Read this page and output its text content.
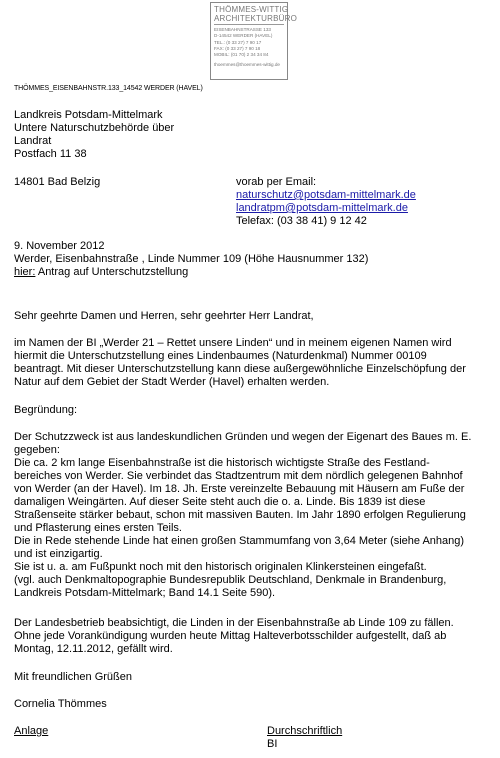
THÖMMES-WITTIG
ARCHITEKTURBÜRO
EISENBAHNSTRASSE 133
D-14542 WERDER (HAVEL)
TEL.: (0 33 27) 7 90 17
FAX: (0 33 27) 7 90 18
MOBIL: (01 70) 2 34 34 84
thoemmes@thoemmes-wittig.de
THÖMMES_EISENBAHNSTR.133_14542 WERDER (HAVEL)
Landkreis Potsdam-Mittelmark
Untere Naturschutzbehörde über
Landrat
Postfach 11 38
14801 Bad Belzig	vorab per Email:
naturschutz@potsdam-mittelmark.de
landratpm@potsdam-mittelmark.de
Telefax: (03 38 41) 9 12 42
9. November 2012
Werder, Eisenbahnstraße , Linde Nummer 109 (Höhe Hausnummer 132)
hier: Antrag auf Unterschutzstellung
Sehr geehrte Damen und Herren, sehr geehrter Herr Landrat,
im Namen der BI „Werder 21 – Rettet unsere Linden“ und in meinem eigenen Namen wird
hiermit die Unterschutzstellung eines Lindenbaumes (Naturdenkmal) Nummer 00109
beantragt. Mit dieser Unterschutzstellung kann diese außergewöhnliche Einzelschöpfung der
Natur auf dem Gebiet der Stadt Werder (Havel) erhalten werden.
Begründung:
Der Schutzzweck ist aus landeskundlichen Gründen und wegen der Eigenart des Baues m. E.
gegeben:
Die ca. 2 km lange Eisenbahnstraße ist die historisch wichtigste Straße des Festland-
bereiches von Werder. Sie verbindet das Stadtzentrum mit dem nördlich gelegenen Bahnhof
von Werder (an der Havel). Im 18. Jh. Erste vereinzelte Bebauung mit Häusern am Fuße der
damaligen Weingärten. Auf dieser Seite steht auch die o. a. Linde. Bis 1839 ist diese
Straßenseite stärker bebaut, schon mit massiven Bauten. Im Jahr 1890 erfolgen Regulierung
und Pflasterung eines ersten Teils.
Die in Rede stehende Linde hat einen großen Stammumfang von 3,64 Meter (siehe Anhang)
und ist einzigartig.
Sie ist u. a. am Fußpunkt noch mit den historisch originalen Klinkersteinen eingefaßt.
(vgl. auch Denkmaltopographie Bundesrepublik Deutschland, Denkmale in Brandenburg,
Landkreis Potsdam-Mittelmark; Band 14.1 Seite 590).
Der Landesbetrieb beabsichtigt, die Linden in der Eisenbahnstraße ab Linde 109 zu fällen.
Ohne jede Vorankündigung wurden heute Mittag Halteverbotsschilder aufgestellt, daß ab
Montag, 12.11.2012, gefällt wird.
Mit freundlichen Grüßen
Cornelia Thömmes
Anlage	Durchschriftlich
BI
